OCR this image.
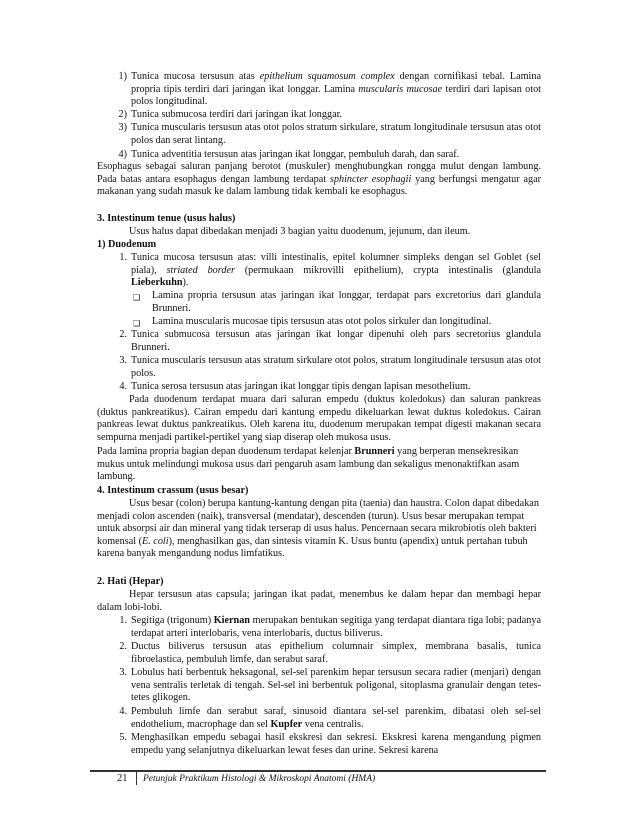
1) Tunica mucosa tersusun atas epithelium squamosum complex dengan cornifikasi tebal. Lamina propria tipis terdiri dari jaringan ikat longgar. Lamina muscularis mucosae terdiri dari lapisan otot polos longitudinal.
2) Tunica submucosa terdiri dari jaringan ikat longgar.
3) Tunica muscularis tersusun atas otot polos stratum sirkulare, stratum longitudinale tersusun atas otot polos dan serat lintang.
4) Tunica adventitia tersusun atas jaringan ikat longgar, pembuluh darah, dan saraf.
Esophagus sebagai saluran panjang berotot (muskuler) menghubungkan rongga mulut dengan lambung. Pada batas antara esophagus dengan lambung terdapat sphincter esophagii yang berfungsi mengatur agar makanan yang sudah masuk ke dalam lambung tidak kembali ke esophagus.
3. Intestinum tenue (usus halus)
Usus halus dapat dibedakan menjadi 3 bagian yaitu duodenum, jejunum, dan ileum.
1) Duodenum
1. Tunica mucosa tersusun atas: villi intestinalis, epitel kolumner simpleks dengan sel Goblet (sel piala), striated border (permukaan mikrovilli epithelium), crypta intestinalis (glandula Lieberkuhn).
❑
Lamina propria tersusun atas jaringan ikat longgar, terdapat pars excretorius dari glandula Brunneri.
❑
Lamina muscularis mucosae tipis tersusun atas otot polos sirkuler dan longitudinal.
2. Tunica submucosa tersusun atas jaringan ikat longar dipenuhi oleh pars secretorius glandula Brunneri.
3. Tunica muscularis tersusun atas stratum sirkulare otot polos, stratum longitudinale tersusun atas otot polos.
4. Tunica serosa tersusun atas jaringan ikat longgar tipis dengan lapisan mesothelium.
Pada duodenum terdapat muara dari saluran empedu (duktus koledokus) dan saluran pankreas (duktus pankreatikus). Cairan empedu dari kantung empedu dikeluarkan lewat duktus koledokus. Cairan pankreas lewat duktus pankreatikus. Oleh karena itu, duodenum merupakan tempat digesti makanan secara sempurna menjadi partikel-pertikel yang siap diserap oleh mukosa usus.
Pada lamina propria bagian depan duodenum terdapat kelenjar Brunneri yang berperan mensekresikan mukus untuk melindungi mukosa usus dari pengaruh asam lambung dan sekaligus menonaktifkan asam lambung.
4. Intestinum crassum (usus besar)
Usus besar (colon) berupa kantung-kantung dengan pita (taenia) dan haustra. Colon dapat dibedakan menjadi colon ascenden (naik), transversal (mendatar), descenden (turun). Usus besar merupakan tempat untuk absorpsi air dan mineral yang tidak terserap di usus halus. Pencernaan secara mikrobiotis oleh bakteri komensal (E. coli), menghasilkan gas, dan sintesis vitamin K. Usus buntu (apendix) untuk pertahan tubuh karena banyak mengandung nodus limfatikus.
2. Hati (Hepar)
Hepar tersusun atas capsula; jaringan ikat padat, menembus ke dalam hepar dan membagi hepar dalam lobi-lobi.
1. Segitiga (trigonum) Kiernan merupakan bentukan segitiga yang terdapat diantara tiga lobi; padanya terdapat arteri interlobaris, vena interlobaris, ductus biliverus.
2. Ductus biliverus tersusun atas epithelium columnair simplex, membrana basalis, tunica fibroelastica, pembuluh limfe, dan serabut saraf.
3. Lobulus hati berbentuk heksagonal, sel-sel parenkim hepar tersusun secara radier (menjari) dengan vena sentralis terletak di tengah. Sel-sel ini berbentuk poligonal, sitoplasma granulair dengan tetes-tetes glikogen.
4. Pembuluh limfe dan serabut saraf, sinusoid diantara sel-sel parenkim, dibatasi oleh sel-sel endothelium, macrophage dan sel Kupfer vena centralis.
5. Menghasilkan empedu sebagai hasil ekskresi dan sekresi. Ekskresi karena mengandung pigmen empedu yang selanjutnya dikeluarkan lewat feses dan urine. Sekresi karena
21 Petunjuk Praktikum Histologi & Mikroskopi Anatomi (HMA)
